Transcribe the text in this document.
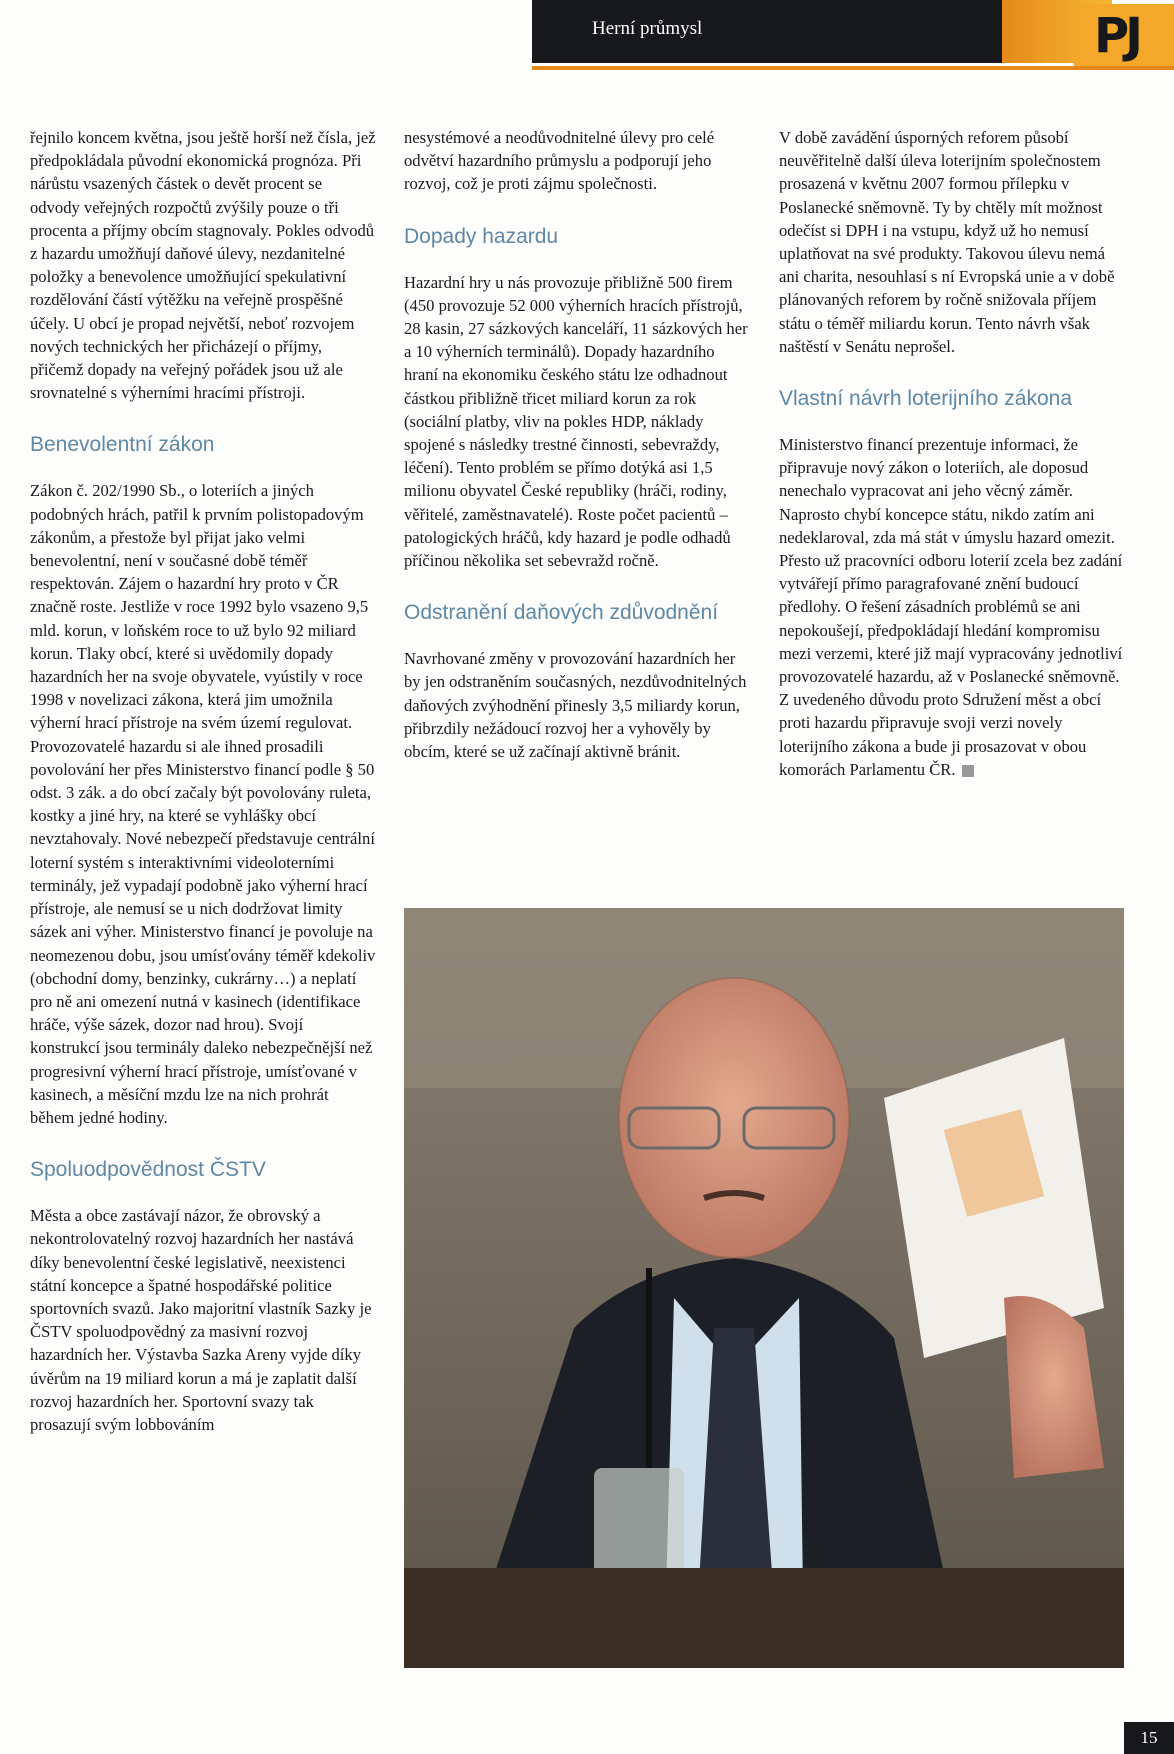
Herní průmysl	PJ

řejnilo koncem května, jsou ještě horší než čísla, jež předpokládala původní ekonomická prognóza. Při nárůstu vsazených částek o devět procent se odvody veřejných rozpočtů zvýšily pouze o tři procenta a příjmy obcím stagnovaly. Pokles odvodů z hazardu umožňují daňové úlevy, nezdanitelné položky a benevolence umožňující spekulativní rozdělování částí výtěžku na veřejně prospěšné účely. U obcí je propad největší, neboť rozvojem nových technických her přicházejí o příjmy, přičemž dopady na veřejný pořádek jsou už ale srovnatelné s výherními hracími přístroji.

Benevolentní zákon

Zákon č. 202/1990 Sb., o loteriích a jiných podobných hrách, patřil k prvním polistopadovým zákonům, a přestože byl přijat jako velmi benevolentní, není v současné době téměř respektován. Zájem o hazardní hry proto v ČR značně roste. Jestliže v roce 1992 bylo vsazeno 9,5 mld. korun, v loňském roce to už bylo 92 miliard korun. Tlaky obcí, které si uvědomily dopady hazardních her na svoje obyvatele, vyústily v roce 1998 v novelizaci zákona, která jim umožnila výherní hrací přístroje na svém území regulovat. Provozovatelé hazardu si ale ihned prosadili povolování her přes Ministerstvo financí podle § 50 odst. 3 zák. a do obcí začaly být povolovány ruleta, kostky a jiné hry, na které se vyhlášky obcí nevztahovaly. Nové nebezpečí představuje centrální loterní systém s interaktivními videoloterními terminály, jež vypadají podobně jako výherní hrací přístroje, ale nemusí se u nich dodržovat limity sázek ani výher. Ministerstvo financí je povoluje na neomezenou dobu, jsou umísťovány téměř kdekoliv (obchodní domy, benzinky, cukrárny…) a neplatí pro ně ani omezení nutná v kasinech (identifikace hráče, výše sázek, dozor nad hrou). Svojí konstrukcí jsou terminály daleko nebezpečnější než progresivní výherní hrací přístroje, umísťované v kasinech, a měsíční mzdu lze na nich prohrát během jedné hodiny.

Spoluodpovědnost ČSTV

Města a obce zastávají názor, že obrovský a nekontrolovatelný rozvoj hazardních her nastává díky benevolentní české legislativě, neexistenci státní koncepce a špatné hospodářské politice sportovních svazů. Jako majoritní vlastník Sazky je ČSTV spoluodpovědný za masivní rozvoj hazardních her. Výstavba Sazka Areny vyjde díky úvěrům na 19 miliard korun a má je zaplatit další rozvoj hazardních her. Sportovní svazy tak prosazují svým lobbováním

nesystémové a neodůvodnitelné úlevy pro celé odvětví hazardního průmyslu a podporují jeho rozvoj, což je proti zájmu společnosti.

Dopady hazardu

Hazardní hry u nás provozuje přibližně 500 firem (450 provozuje 52 000 výherních hracích přístrojů, 28 kasin, 27 sázkových kanceláří, 11 sázkových her a 10 výherních terminálů). Dopady hazardního hraní na ekonomiku českého státu lze odhadnout částkou přibližně třicet miliard korun za rok (sociální platby, vliv na pokles HDP, náklady spojené s následky trestné činnosti, sebevraždy, léčení). Tento problém se přímo dotýká asi 1,5 milionu obyvatel České republiky (hráči, rodiny, věřitelé, zaměstnavatelé). Roste počet pacientů – patologických hráčů, kdy hazard je podle odhadů příčinou několika set sebevražd ročně.

Odstranění daňových zdůvodnění

Navrhované změny v provozování hazardních her by jen odstraněním současných, nezdůvodnitelných daňových zvýhodnění přinesly 3,5 miliardy korun, přibrzdily nežádoucí rozvoj her a vyhověly by obcím, které se už začínají aktivně bránit.

V době zavádění úsporných reforem působí neuvěřitelně další úleva loterijním společnostem prosazená v květnu 2007 formou přílepku v Poslanecké sněmovně. Ty by chtěly mít možnost odečíst si DPH i na vstupu, když už ho nemusí uplatňovat na své produkty. Takovou úlevu nemá ani charita, nesouhlasí s ní Evropská unie a v době plánovaných reforem by ročně snižovala příjem státu o téměř miliardu korun. Tento návrh však naštěstí v Senátu neprošel.

Vlastní návrh loterijního zákona

Ministerstvo financí prezentuje informaci, že připravuje nový zákon o loteriích, ale doposud nenechalo vypracovat ani jeho věcný záměr. Naprosto chybí koncepce státu, nikdo zatím ani nedeklaroval, zda má stát v úmyslu hazard omezit. Přesto už pracovníci odboru loterií zcela bez zadání vytvářejí přímo paragrafované znění budoucí předlohy. O řešení zásadních problémů se ani nepokoušejí, předpokládají hledání kompromisu mezi verzemi, které již mají vypracovány jednotliví provozovatelé hazardu, až v Poslanecké sněmovně. Z uvedeného důvodu proto Sdružení měst a obcí proti hazardu připravuje svoji verzi novely loterijního zákona a bude ji prosazovat v obou komorách Parlamentu ČR.

15
